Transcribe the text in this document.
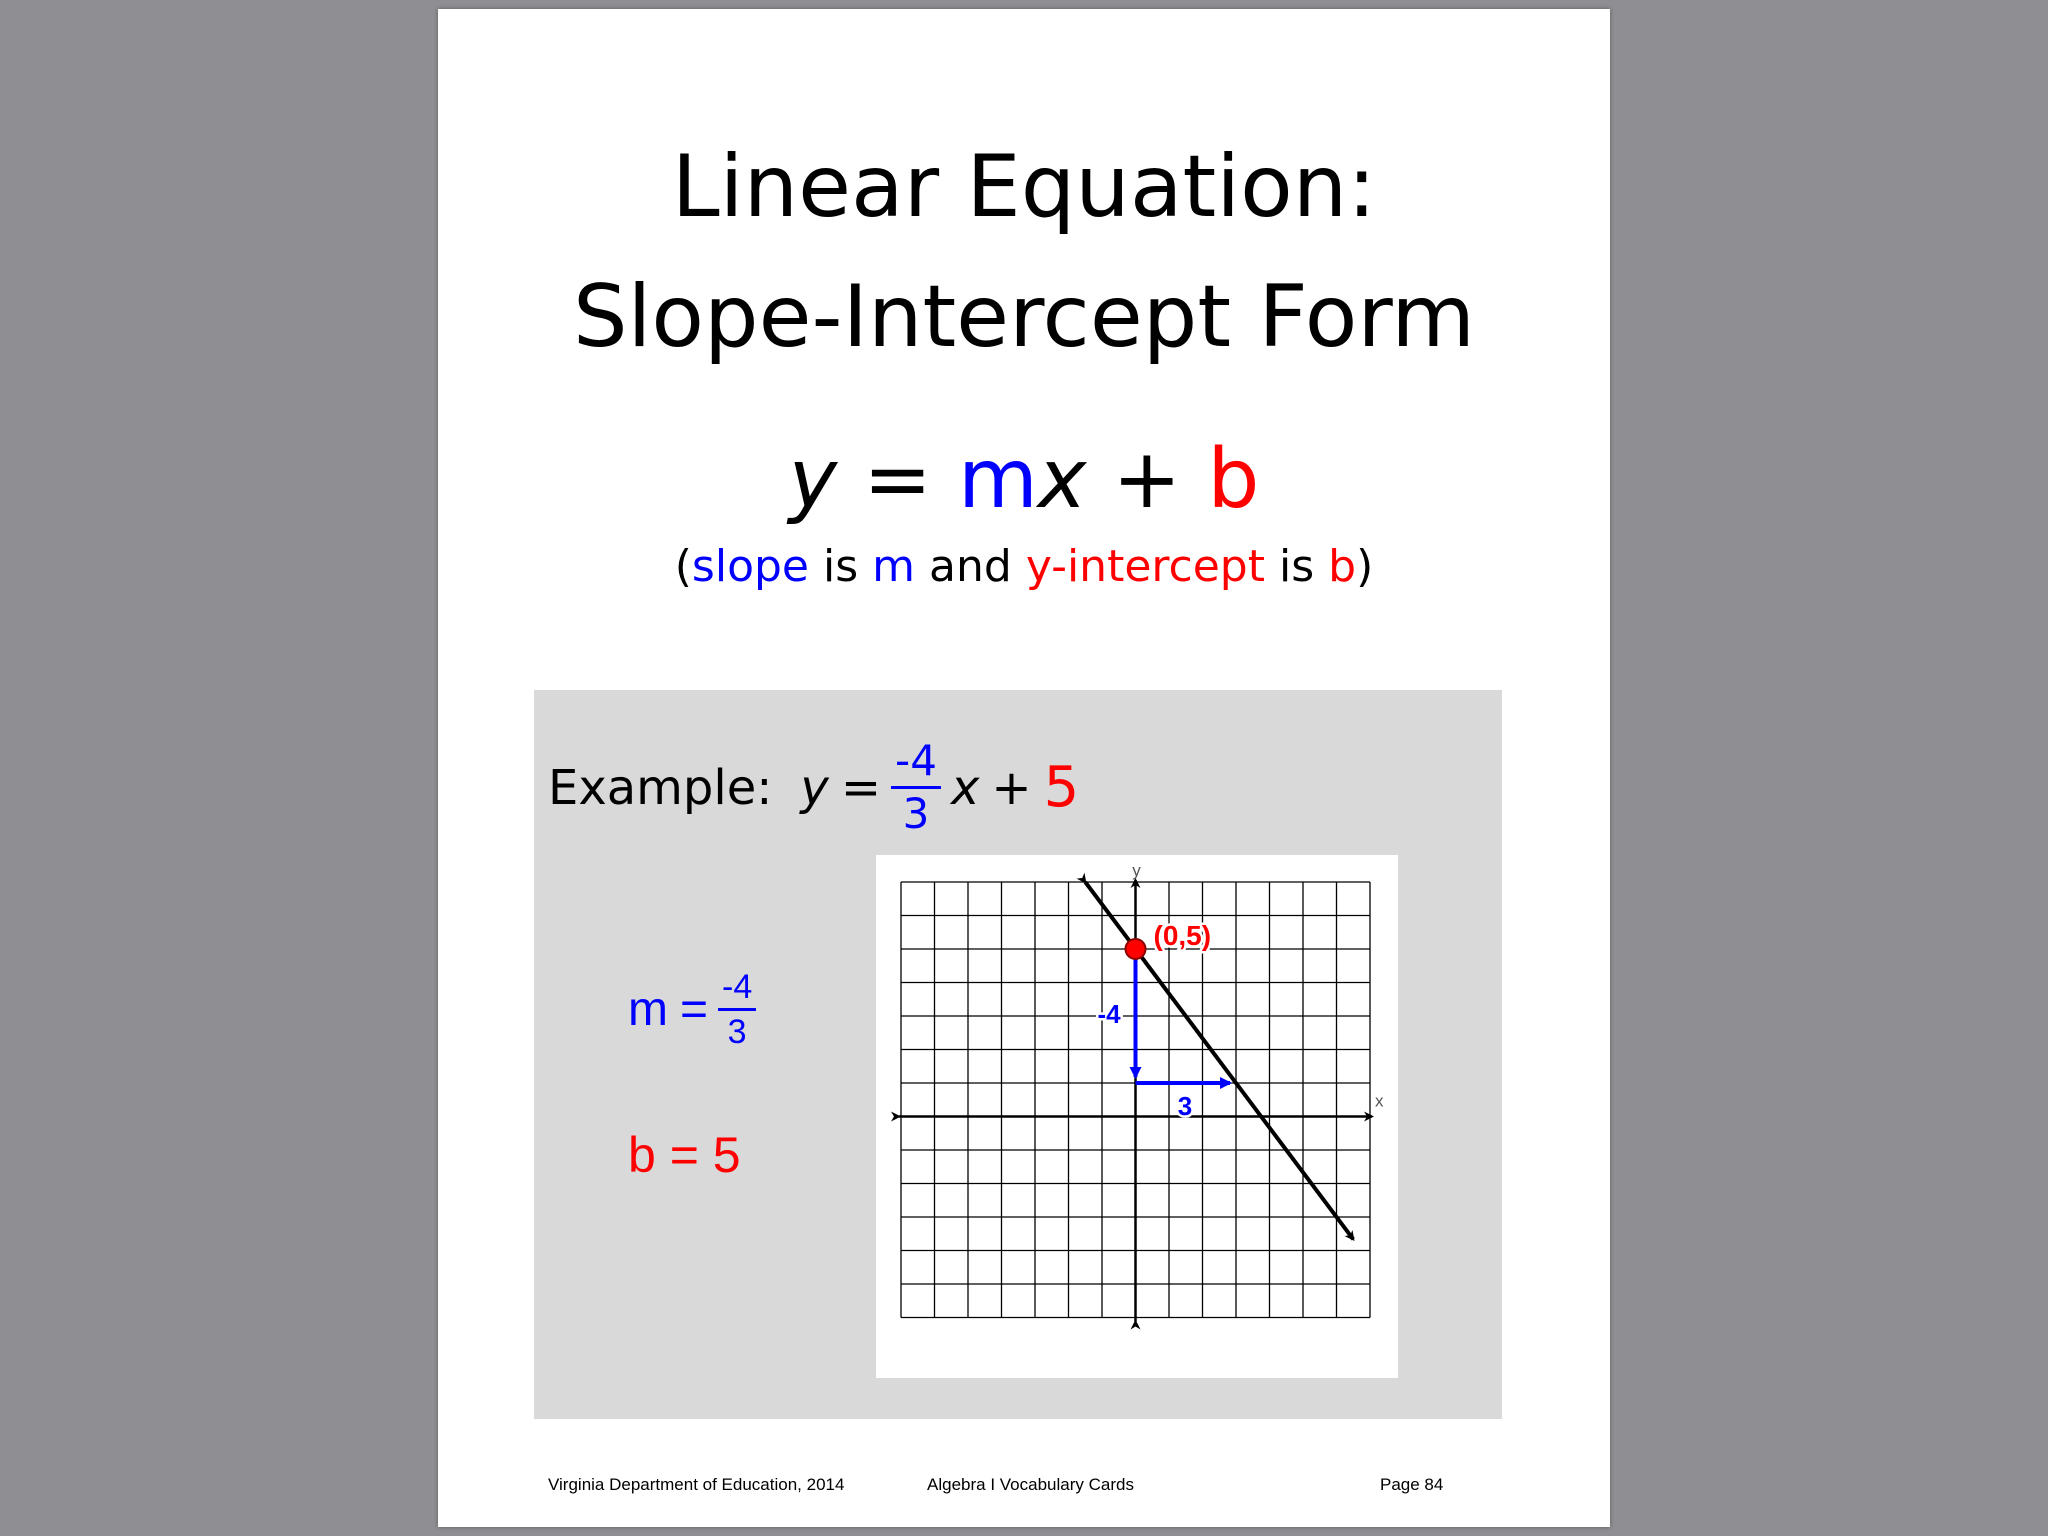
Linear Equation:
Slope-Intercept Form
y = mx + b
(slope is m and y-intercept is b)
Example: $y = \frac{-4}{3}$ x + 5
$m = \frac{-4}{3}$
b = 5
y
x
(0,5)
-4
3
Virginia Department of Education, 2014	Algebra I Vocabulary Cards	Page 84
